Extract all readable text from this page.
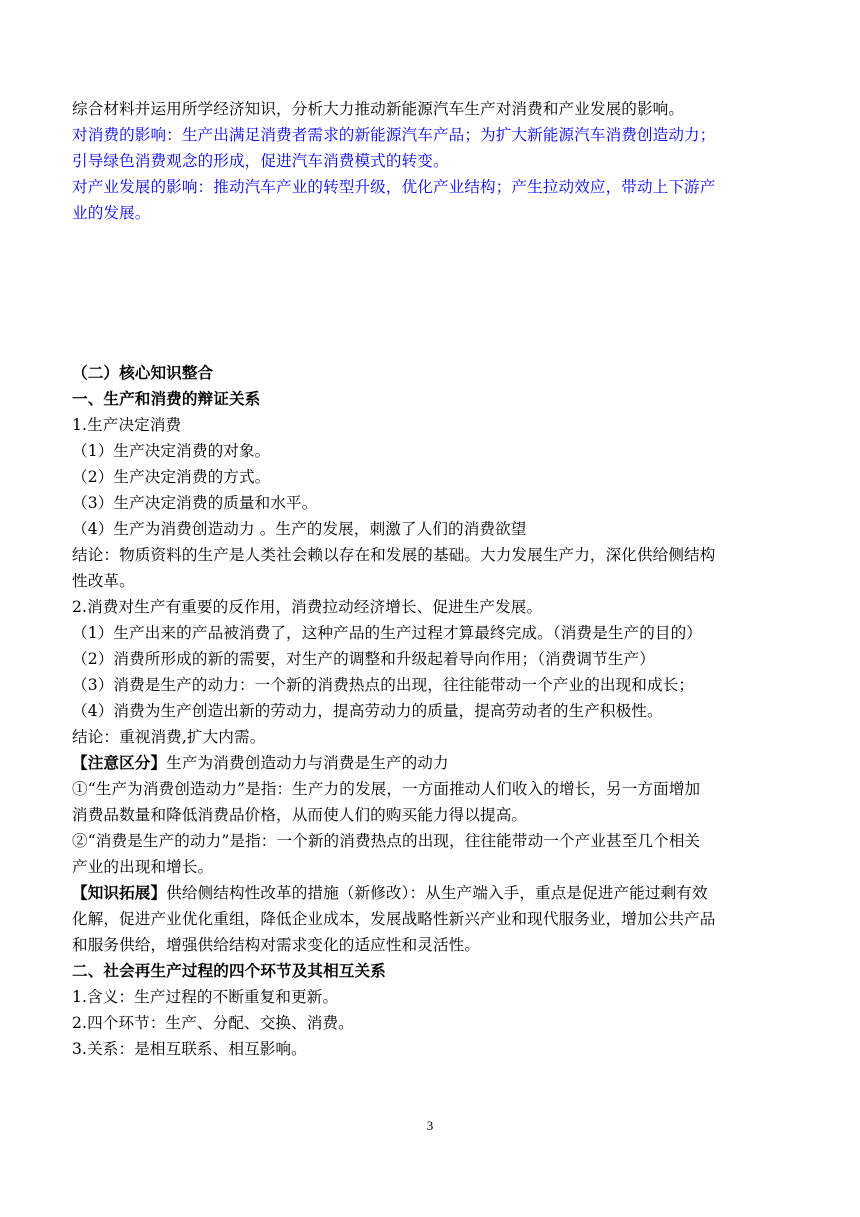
综合材料并运用所学经济知识，分析大力推动新能源汽车生产对消费和产业发展的影响。
对消费的影响：生产出满足消费者需求的新能源汽车产品；为扩大新能源汽车消费创造动力；
引导绿色消费观念的形成，促进汽车消费模式的转变。
对产业发展的影响：推动汽车产业的转型升级，优化产业结构；产生拉动效应，带动上下游产
业的发展。
（二）核心知识整合
一、生产和消费的辩证关系
1.生产决定消费
（1）生产决定消费的对象。
（2）生产决定消费的方式。
（3）生产决定消费的质量和水平。
（4）生产为消费创造动力 。生产的发展，刺激了人们的消费欲望
结论：物质资料的生产是人类社会赖以存在和发展的基础。大力发展生产力，深化供给侧结构
性改革。
2.消费对生产有重要的反作用，消费拉动经济增长、促进生产发展。
（1）生产出来的产品被消费了，这种产品的生产过程才算最终完成。（消费是生产的目的）
（2）消费所形成的新的需要，对生产的调整和升级起着导向作用；（消费调节生产）
（3）消费是生产的动力：一个新的消费热点的出现，往往能带动一个产业的出现和成长；
（4）消费为生产创造出新的劳动力，提高劳动力的质量，提高劳动者的生产积极性。
结论：重视消费,扩大内需。
【注意区分】生产为消费创造动力与消费是生产的动力
①“生产为消费创造动力”是指：生产力的发展，一方面推动人们收入的增长，另一方面增加
消费品数量和降低消费品价格，从而使人们的购买能力得以提高。
②“消费是生产的动力”是指：一个新的消费热点的出现，往往能带动一个产业甚至几个相关
产业的出现和增长。
【知识拓展】供给侧结构性改革的措施（新修改）：从生产端入手，重点是促进产能过剩有效
化解，促进产业优化重组，降低企业成本，发展战略性新兴产业和现代服务业，增加公共产品
和服务供给，增强供给结构对需求变化的适应性和灵活性。
二、社会再生产过程的四个环节及其相互关系
1.含义：生产过程的不断重复和更新。
2.四个环节：生产、分配、交换、消费。
3.关系：是相互联系、相互影响。
3
